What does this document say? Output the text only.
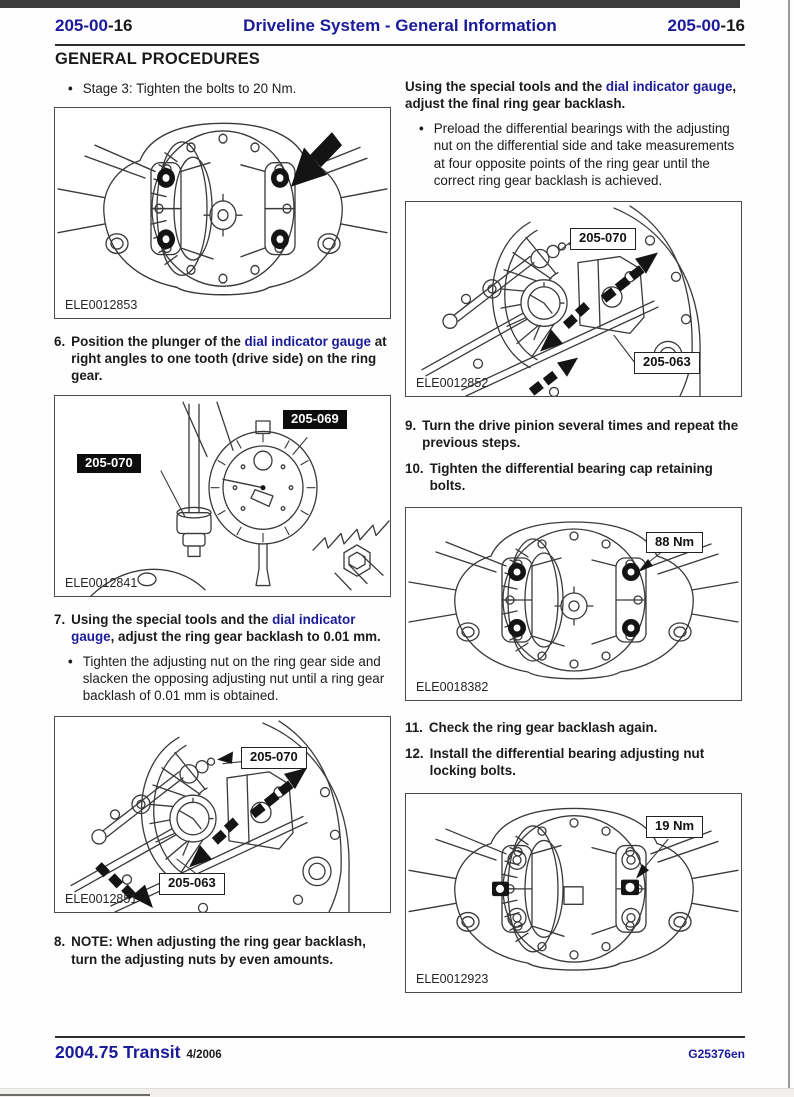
205-00-16	Driveline System - General Information	205-00-16
GENERAL PROCEDURES
•

Stage 3: Tighten the bolts to 20 Nm.

ELE0012853
6. Position the plunger of the dial indicator gauge at right angles to one tooth (drive side) on the ring gear.

205-069
205-070
ELE0012841
7. Using the special tools and the dial indicator gauge, adjust the ring gear backlash to 0.01 mm.

•

Tighten the adjusting nut on the ring gear side and slacken the opposing adjusting nut until a ring gear backlash of 0.01 mm is obtained.

205-070
205-063
ELE0012851
8. NOTE: When adjusting the ring gear backlash, turn the adjusting nuts by even amounts.

Using the special tools and the dial indicator gauge, adjust the final ring gear backlash.

•

Preload the differential bearings with the adjusting nut on the differential side and take measurements at four opposite points of the ring gear until the correct ring gear backlash is achieved.

205-070
205-063
ELE0012852
9. Turn the drive pinion several times and repeat the previous steps.

10. Tighten the differential bearing cap retaining bolts.

88 Nm
ELE0018382
11. Check the ring gear backlash again.

12. Install the differential bearing adjusting nut locking bolts.

19 Nm
ELE0012923
2004.75 Transit 4/2006	G25376en
